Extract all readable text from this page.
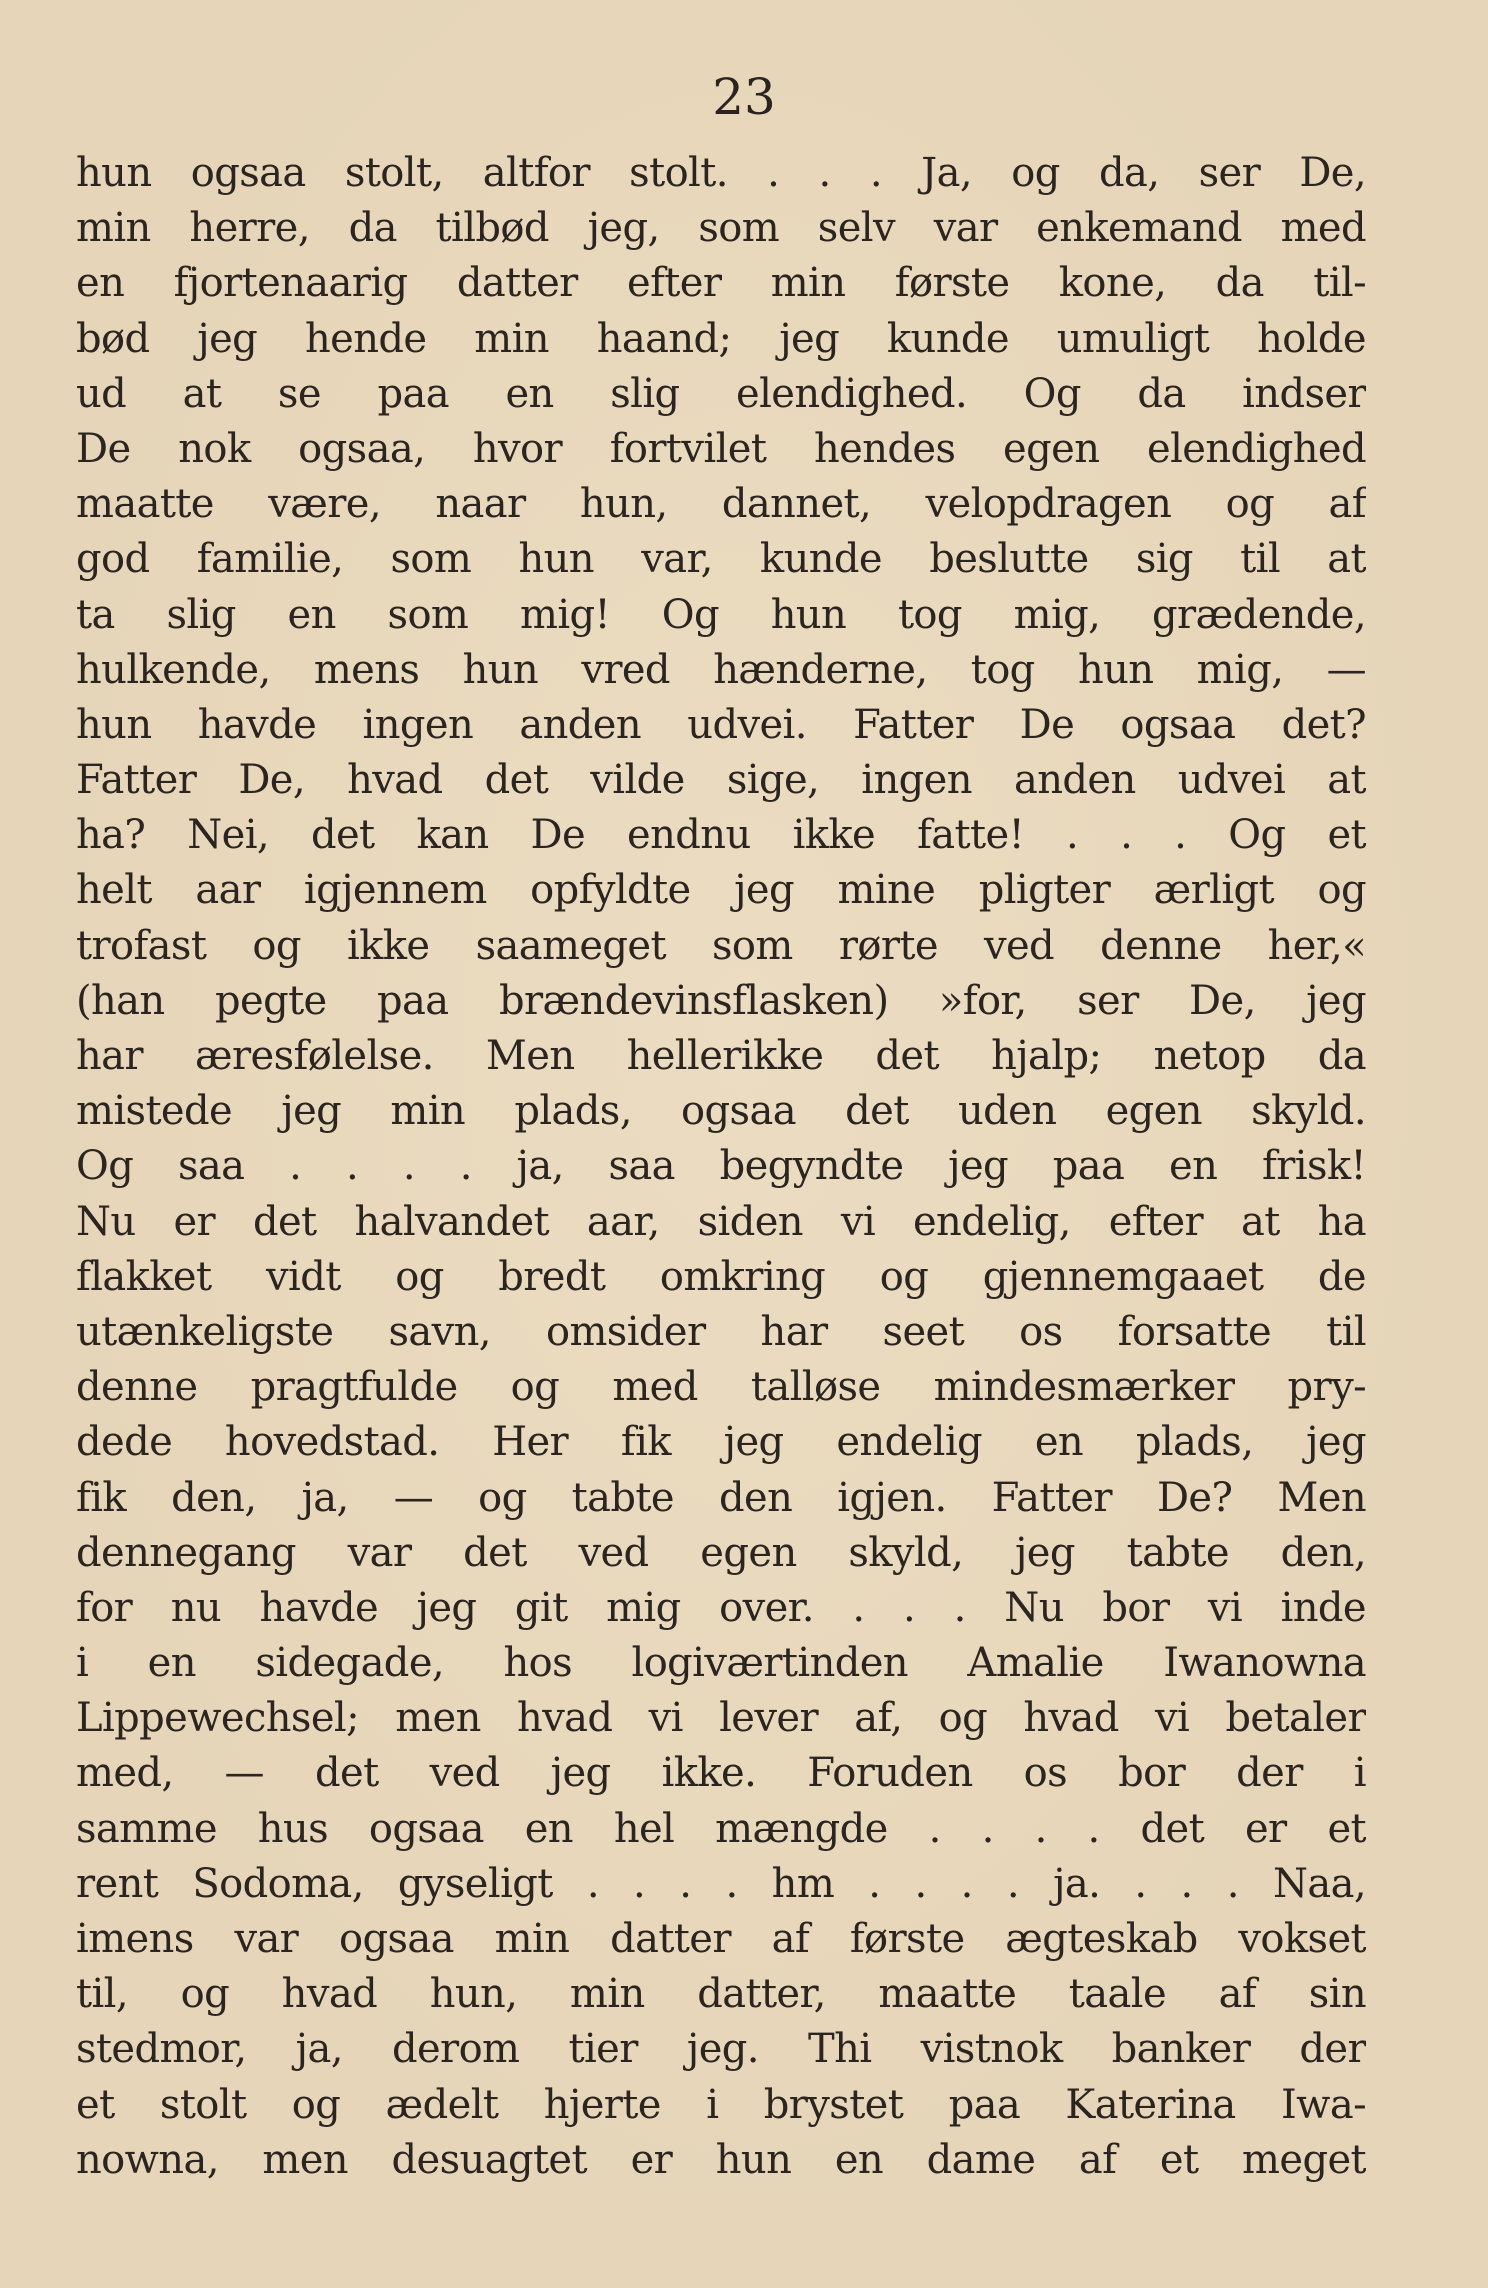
23
hun ogsaa stolt, altfor stolt. . . . Ja, og da, ser De,
min herre, da tilbød jeg, som selv var enkemand med
en fjortenaarig datter efter min første kone, da til-
bød jeg hende min haand; jeg kunde umuligt holde
ud at se paa en slig elendighed. Og da indser
De nok ogsaa, hvor fortvilet hendes egen elendighed
maatte være, naar hun, dannet, velopdragen og af
god familie, som hun var, kunde beslutte sig til at
ta slig en som mig! Og hun tog mig, grædende,
hulkende, mens hun vred hænderne, tog hun mig, —
hun havde ingen anden udvei. Fatter De ogsaa det?
Fatter De, hvad det vilde sige, ingen anden udvei at
ha? Nei, det kan De endnu ikke fatte! . . . Og et
helt aar igjennem opfyldte jeg mine pligter ærligt og
trofast og ikke saameget som rørte ved denne her,«
(han pegte paa brændevinsflasken) »for, ser De, jeg
har æresfølelse. Men hellerikke det hjalp; netop da
mistede jeg min plads, ogsaa det uden egen skyld.
Og saa . . . . ja, saa begyndte jeg paa en frisk!
Nu er det halvandet aar, siden vi endelig, efter at ha
flakket vidt og bredt omkring og gjennemgaaet de
utænkeligste savn, omsider har seet os forsatte til
denne pragtfulde og med talløse mindesmærker pry-
dede hovedstad. Her fik jeg endelig en plads, jeg
fik den, ja, — og tabte den igjen. Fatter De? Men
dennegang var det ved egen skyld, jeg tabte den,
for nu havde jeg git mig over. . . . Nu bor vi inde
i en sidegade, hos logiværtinden Amalie Iwanowna
Lippewechsel; men hvad vi lever af, og hvad vi betaler
med, — det ved jeg ikke. Foruden os bor der i
samme hus ogsaa en hel mængde . . . . det er et
rent Sodoma, gyseligt . . . . hm . . . . ja. . . . Naa,
imens var ogsaa min datter af første ægteskab vokset
til, og hvad hun, min datter, maatte taale af sin
stedmor, ja, derom tier jeg. Thi vistnok banker der
et stolt og ædelt hjerte i brystet paa Katerina Iwa-
nowna, men desuagtet er hun en dame af et meget
